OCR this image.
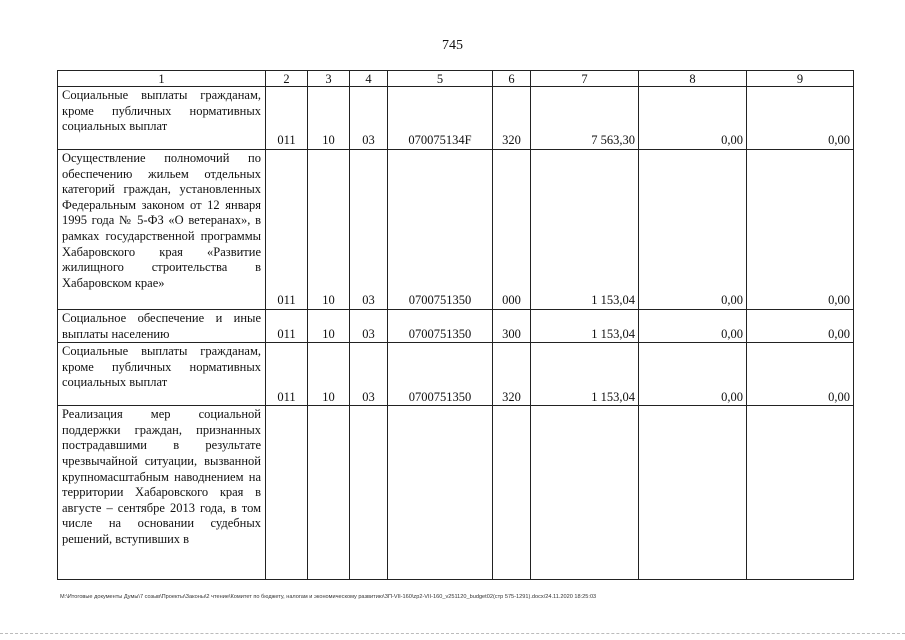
745
1	2	3	4	5	6	7	8	9
Социальные выплаты гражданам, кроме публичных нормативных социальных выплат	011	10	03	070075134F	320	7 563,30	0,00	0,00
Осуществление полномочий по обеспечению жильем отдельных категорий граждан, установленных Федеральным законом от 12 января 1995 года № 5-ФЗ «О ветеранах», в рамках государственной программы Хабаровского края «Развитие жилищного строительства в Хабаровском крае»	011	10	03	0700751350	000	1 153,04	0,00	0,00
Социальное обеспечение и иные выплаты населению	011	10	03	0700751350	300	1 153,04	0,00	0,00
Социальные выплаты гражданам, кроме публичных нормативных социальных выплат	011	10	03	0700751350	320	1 153,04	0,00	0,00
Реализация мер социальной поддержки граждан, признанных пострадавшими в результате чрезвычайной ситуации, вызванной крупномасштабным наводнением на территории Хабаровского края в августе – сентябре 2013 года, в том числе на основании судебных решений, вступивших в								
M:\Итоговые документы Думы\7 созыв\Проекты\Законы\2 чтение\Комитет по бюджету, налогам и экономическому развитию\ЗП-VII-160\zp2-VII-160_v251120_budget02(стр 575-1291).docx/24.11.2020 18:25:03
